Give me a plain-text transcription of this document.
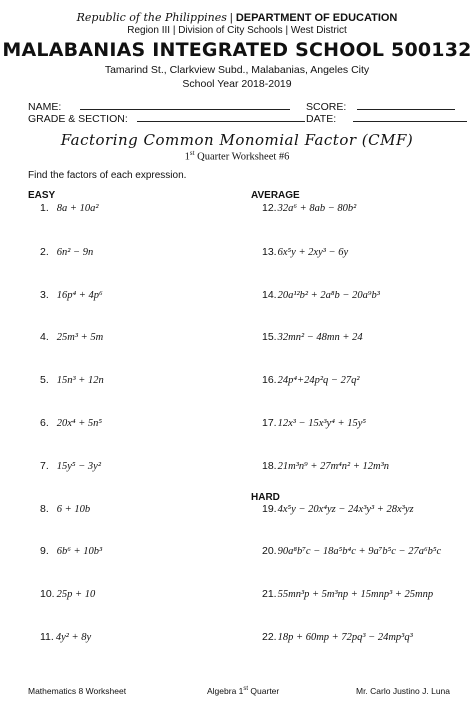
Republic of the Philippines | DEPARTMENT OF EDUCATION
Region III | Division of City Schools | West District
MALABANIAS INTEGRATED SCHOOL 500132
Tamarind St., Clarkview Subd., Malabanias, Angeles City
School Year 2018-2019
NAME:
GRADE & SECTION:
SCORE:
DATE:
Factoring Common Monomial Factor (CMF)
1st Quarter Worksheet #6
Find the factors of each expression.
EASY	AVERAGE
HARD
1. 8a + 10a²
2. 6n² − 9n
3. 16p⁴ + 4p⁶
4. 25m³ + 5m
5. 15n³ + 12n
6. 20x⁴ + 5n⁵
7. 15y⁵ − 3y²
8. 6 + 10b
9. 6b⁶ + 10b³
10. 25p + 10
11. 4y² + 8y
12.32a⁶ + 8ab − 80b²
13.6x⁵y + 2xy³ − 6y
14.20a¹²b² + 2a⁸b − 20a⁹b³
15.32mn² − 48mn + 24
16.24p⁴+24p²q − 27q²
17.12x³ − 15x³y⁴ + 15y⁵
18.21m³n⁹ + 27m⁴n² + 12m³n
19.4x⁵y − 20x⁴yz − 24x³y³ + 28x³yz
20.90a⁸b⁷c − 18a⁵b⁴c + 9a⁷b⁵c − 27a⁶b⁵c
21.55mn³p + 5m³np + 15mnp³ + 25mnp
22.18p + 60mp + 72pq³ − 24mp³q³
Mathematics 8 Worksheet	Algebra 1st Quarter	Mr. Carlo Justino J. Luna
